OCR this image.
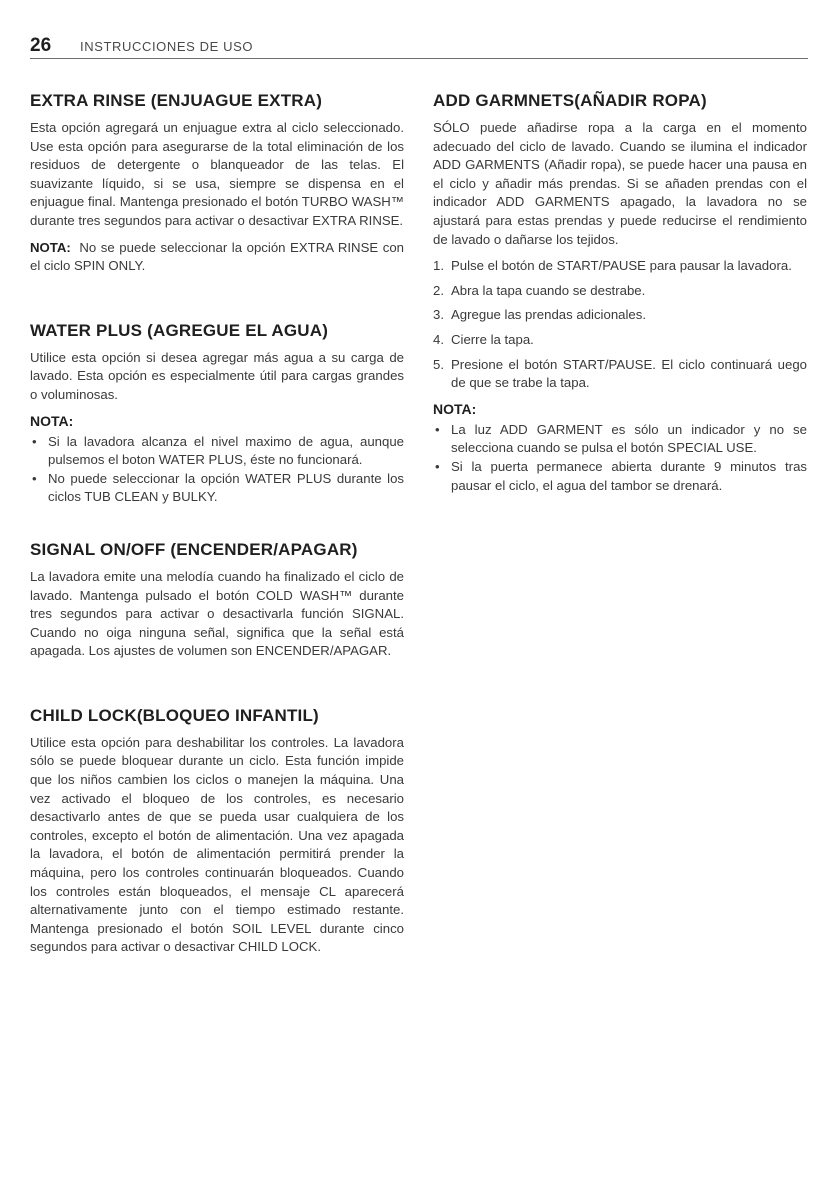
26 INSTRUCCIONES DE USO
EXTRA RINSE (ENJUAGUE EXTRA)

Esta opción agregará un enjuague extra al ciclo seleccionado. Use esta opción para asegurarse de la total eliminación de los residuos de detergente o blanqueador de las telas. El suavizante líquido, si se usa, siempre se dispensa en el enjuague final. Mantenga presionado el botón TURBO WASH™ durante tres segundos para activar o desactivar EXTRA RINSE.

NOTA: No se puede seleccionar la opción EXTRA RINSE con el ciclo SPIN ONLY.

WATER PLUS (AGREGUE EL AGUA)

Utilice esta opción si desea agregar más agua a su carga de lavado. Esta opción es especialmente útil para cargas grandes o voluminosas.

NOTA:
• Si la lavadora alcanza el nivel maximo de agua, aunque pulsemos el boton WATER PLUS, éste no funcionará.
• No puede seleccionar la opción WATER PLUS durante los ciclos TUB CLEAN y BULKY.
SIGNAL ON/OFF (ENCENDER/APAGAR)

La lavadora emite una melodía cuando ha finalizado el ciclo de lavado. Mantenga pulsado el botón COLD WASH™ durante tres segundos para activar o desactivarla función SIGNAL. Cuando no oiga ninguna señal, significa que la señal está apagada. Los ajustes de volumen son ENCENDER/APAGAR.

CHILD LOCK(BLOQUEO INFANTIL)

Utilice esta opción para deshabilitar los controles. La lavadora sólo se puede bloquear durante un ciclo. Esta función impide que los niños cambien los ciclos o manejen la máquina. Una vez activado el bloqueo de los controles, es necesario desactivarlo antes de que se pueda usar cualquiera de los controles, excepto el botón de alimentación. Una vez apagada la lavadora, el botón de alimentación permitirá prender la máquina, pero los controles continuarán bloqueados. Cuando los controles están bloqueados, el mensaje CL aparecerá alternativamente junto con el tiempo estimado restante. Mantenga presionado el botón SOIL LEVEL durante cinco segundos para activar o desactivar CHILD LOCK.

ADD GARMNETS(AÑADIR ROPA)

SÓLO puede añadirse ropa a la carga en el momento adecuado del ciclo de lavado. Cuando se ilumina el indicador ADD GARMENTS (Añadir ropa), se puede hacer una pausa en el ciclo y añadir más prendas. Si se añaden prendas con el indicador ADD GARMENTS apagado, la lavadora no se ajustará para estas prendas y puede reducirse el rendimiento de lavado o dañarse los tejidos.

1. Pulse el botón de START/PAUSE para pausar la lavadora.
2. Abra la tapa cuando se destrabe.
3. Agregue las prendas adicionales.
4. Cierre la tapa.
5. Presione el botón START/PAUSE. El ciclo continuará uego de que se trabe la tapa.
NOTA:
• La luz ADD GARMENT es sólo un indicador y no se selecciona cuando se pulsa el botón SPECIAL USE.
• Si la puerta permanece abierta durante 9 minutos tras pausar el ciclo, el agua del tambor se drenará.
